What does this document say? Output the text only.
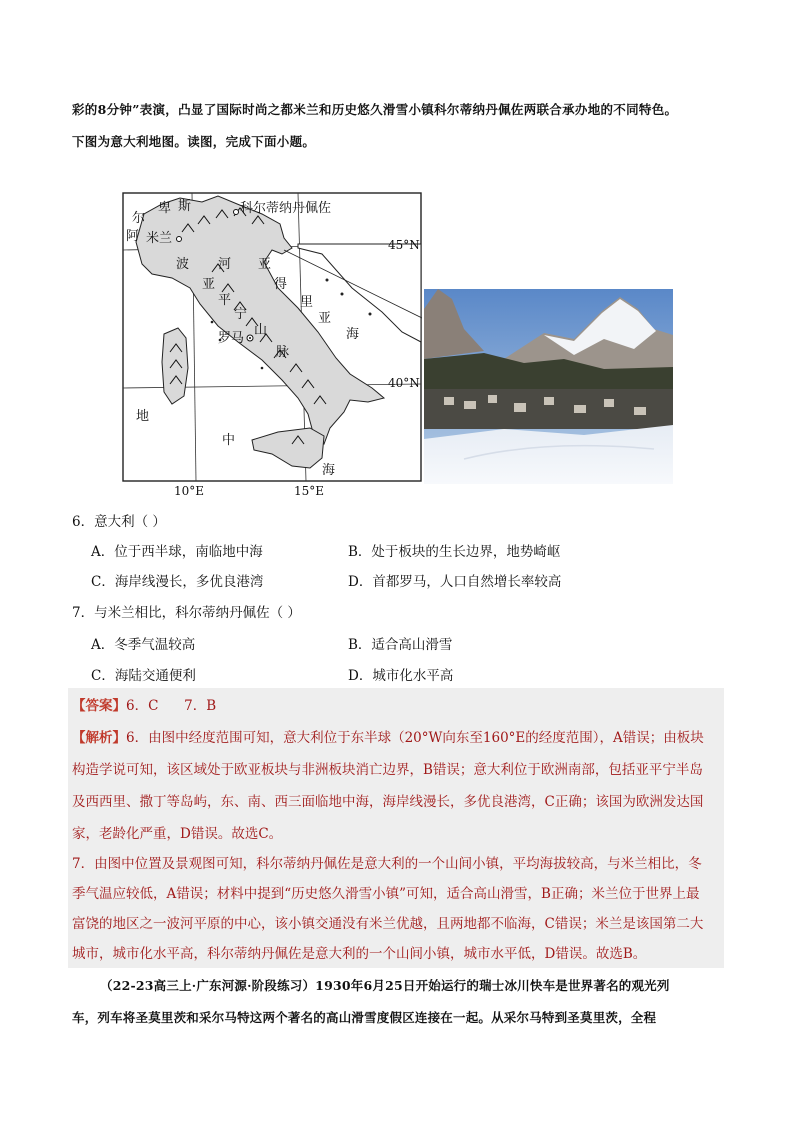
彩的8分钟”表演，凸显了国际时尚之都米兰和历史悠久滑雪小镇科尔蒂纳丹佩佐两联合承办地的不同特色。
下图为意大利地图。读图，完成下面小题。
阿
尔
卑 斯	科尔蒂纳丹佩佐
米兰
波 河 亚
得
里
亚
海
亚
平
宁
山
脉
罗马
地
中
海
45°N
40°N
10°E	15°E
6．意大利（ ）
A．位于西半球，南临地中海	B．处于板块的生长边界，地势崎岖
C．海岸线漫长，多优良港湾	D．首都罗马，人口自然增长率较高
7．与米兰相比，科尔蒂纳丹佩佐（ ）
A．冬季气温较高	B．适合高山滑雪
C．海陆交通便利	D．城市化水平高
【答案】6．C      7．B
【解析】6．由图中经度范围可知，意大利位于东半球（20°W向东至160°E的经度范围），A错误；由板块
构造学说可知，该区域处于欧亚板块与非洲板块消亡边界，B错误；意大利位于欧洲南部，包括亚平宁半岛
及西西里、撒丁等岛屿，东、南、西三面临地中海，海岸线漫长，多优良港湾，C正确；该国为欧洲发达国
家，老龄化严重，D错误。故选C。
7．由图中位置及景观图可知，科尔蒂纳丹佩佐是意大利的一个山间小镇，平均海拔较高，与米兰相比，冬
季气温应较低，A错误；材料中提到“历史悠久滑雪小镇”可知，适合高山滑雪，B正确；米兰位于世界上最
富饶的地区之一波河平原的中心，该小镇交通没有米兰优越，且两地都不临海，C错误；米兰是该国第二大
城市，城市化水平高，科尔蒂纳丹佩佐是意大利的一个山间小镇，城市水平低，D错误。故选B。
（22-23高三上·广东河源·阶段练习）1930年6月25日开始运行的瑞士冰川快车是世界著名的观光列
车，列车将圣莫里茨和采尔马特这两个著名的高山滑雪度假区连接在一起。从采尔马特到圣莫里茨，全程
